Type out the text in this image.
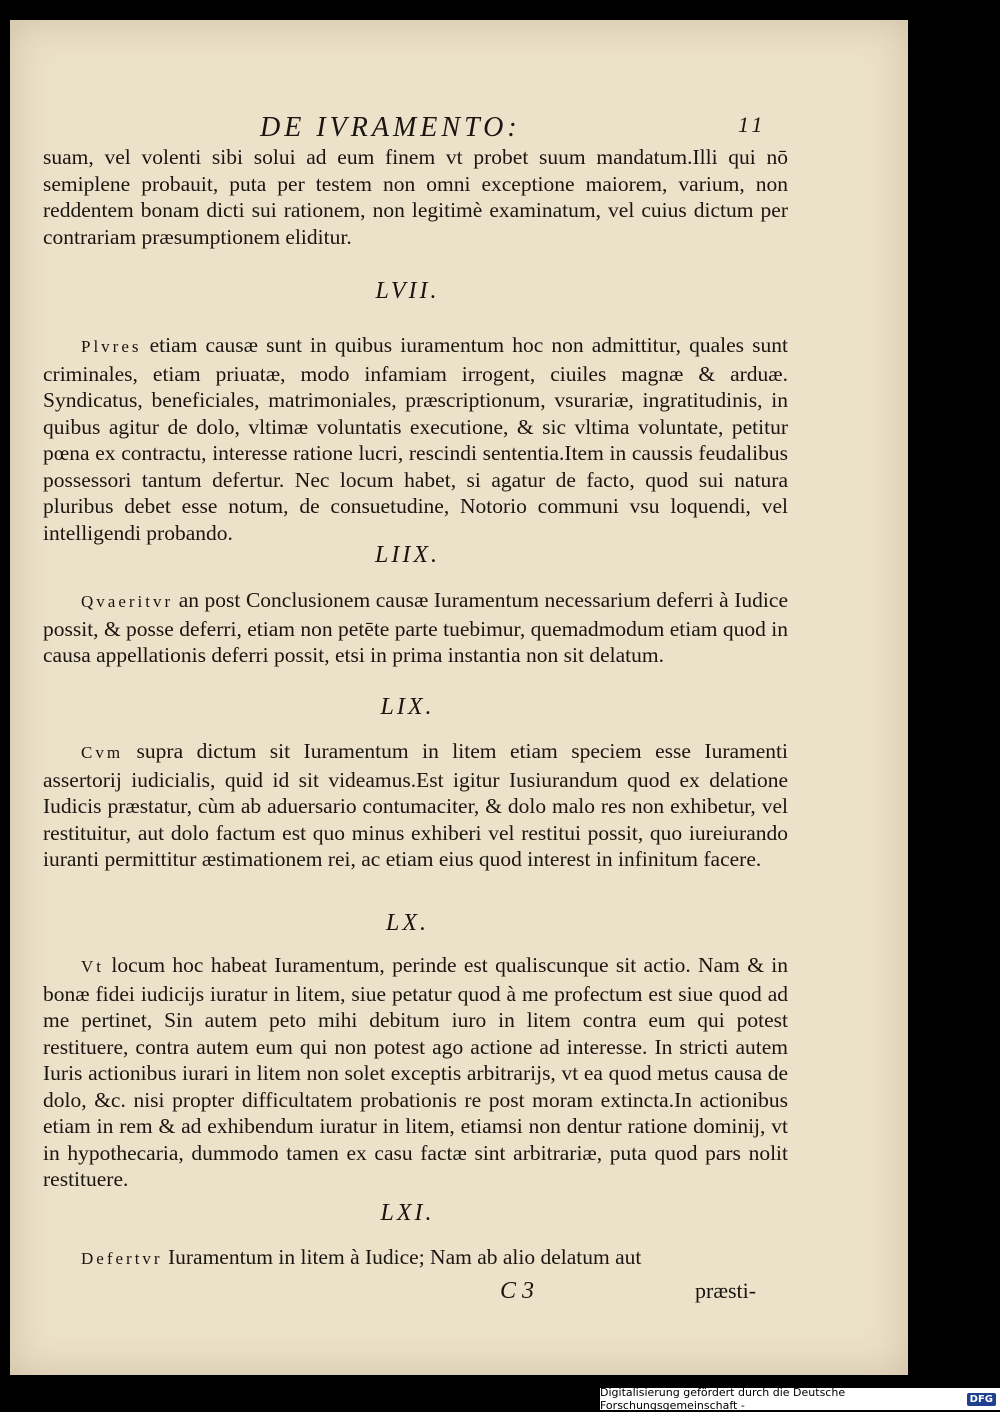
DE IVRAMENTO:	11

suam, vel volenti sibi solui ad eum finem vt probet suum mandatum.Illi qui nō semiplene probauit, puta per testem non omni exceptione maiorem, varium, non reddentem bonam dicti sui rationem, non legitimè examinatum, vel cuius dictum per contrariam præsumptionem eliditur.

LVII.

Plvres etiam causæ sunt in quibus iuramentum hoc non admittitur, quales sunt criminales, etiam priuatæ, modo infamiam irrogent, ciuiles magnæ & arduæ. Syndicatus, beneficiales, matrimoniales, præscriptionum, vsurariæ, ingratitudinis, in quibus agitur de dolo, vltimæ voluntatis executione, & sic vltima voluntate, petitur pœna ex contractu, interesse ratione lucri, rescindi sententia.Item in caussis feudalibus possessori tantum defertur. Nec locum habet, si agatur de facto, quod sui natura pluribus debet esse notum, de consuetudine, Notorio communi vsu loquendi, vel intelligendi probando.

LIIX.

Qvaeritvr an post Conclusionem causæ Iuramentum necessarium deferri à Iudice possit, & posse deferri, etiam non petēte parte tuebimur, quemadmodum etiam quod in causa appellationis deferri possit, etsi in prima instantia non sit delatum.

LIX.

Cvm supra dictum sit Iuramentum in litem etiam speciem esse Iuramenti assertorij iudicialis, quid id sit videamus.Est igitur Iusiurandum quod ex delatione Iudicis præstatur, cùm ab aduersario contumaciter, & dolo malo res non exhibetur, vel restituitur, aut dolo factum est quo minus exhiberi vel restitui possit, quo iureiurando iuranti permittitur æstimationem rei, ac etiam eius quod interest in infinitum facere.

LX.

Vt locum hoc habeat Iuramentum, perinde est qualiscunque sit actio. Nam & in bonæ fidei iudicijs iuratur in litem, siue petatur quod à me profectum est siue quod ad me pertinet, Sin autem peto mihi debitum iuro in litem contra eum qui potest restituere, contra autem eum qui non potest ago actione ad interesse. In stricti autem Iuris actionibus iurari in litem non solet exceptis arbitrarijs, vt ea quod metus causa de dolo, &c. nisi propter difficultatem probationis re post moram extincta.In actionibus etiam in rem & ad exhibendum iuratur in litem, etiamsi non dentur ratione dominij, vt in hypothecaria, dummodo tamen ex casu factæ sint arbitrariæ, puta quod pars nolit restituere.

LXI.

Defertvr Iuramentum in litem à Iudice; Nam ab alio delatum aut

C 3	præsti-
Digitalisierung gefördert durch die Deutsche Forschungsgemeinschaft -	DFG
